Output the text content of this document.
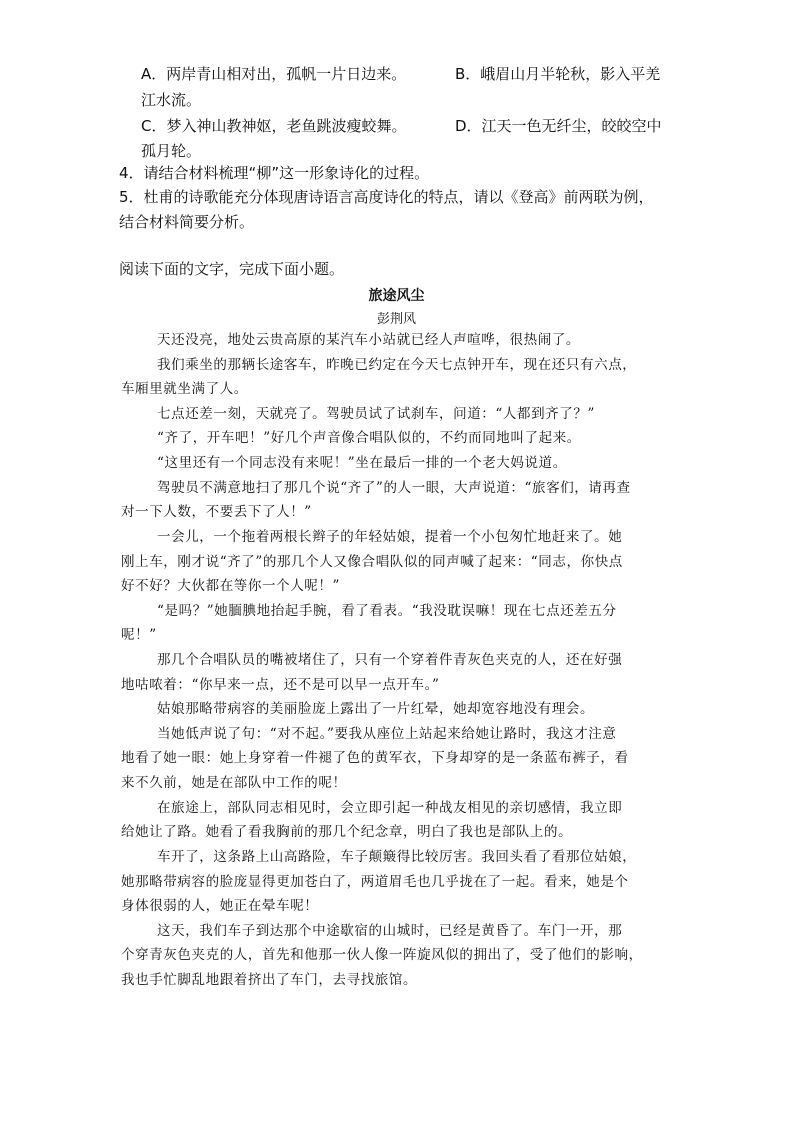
A．两岸青山相对出，孤帆一片日边来。	B．峨眉山月半轮秋，影入平羌
江水流。
C．梦入神山教神妪，老鱼跳波瘦蛟舞。	D．江天一色无纤尘，皎皎空中
孤月轮。
4．请结合材料梳理“柳”这一形象诗化的过程。
5．杜甫的诗歌能充分体现唐诗语言高度诗化的特点，请以《登高》前两联为例，
结合材料简要分析。
阅读下面的文字，完成下面小题。
旅途风尘
彭荆风
天还没亮，地处云贵高原的某汽车小站就已经人声喧哗，很热闹了。
我们乘坐的那辆长途客车，昨晚已约定在今天七点钟开车，现在还只有六点，
车厢里就坐满了人。
七点还差一刻，天就亮了。驾驶员试了试刹车，问道：“人都到齐了？”
“齐了，开车吧！”好几个声音像合唱队似的，不约而同地叫了起来。
“这里还有一个同志没有来呢！”坐在最后一排的一个老大妈说道。
驾驶员不满意地扫了那几个说“齐了”的人一眼，大声说道：“旅客们，请再查
对一下人数，不要丢下了人！”
一会儿，一个拖着两根长辫子的年轻姑娘，提着一个小包匆忙地赶来了。她
刚上车，刚才说“齐了”的那几个人又像合唱队似的同声喊了起来：“同志，你快点
好不好？大伙都在等你一个人呢！”
“是吗？”她腼腆地抬起手腕，看了看表。“我没耽误嘛！现在七点还差五分
呢！”
那几个合唱队员的嘴被堵住了，只有一个穿着件青灰色夹克的人，还在好强
地咕哝着：“你早来一点，还不是可以早一点开车。”
姑娘那略带病容的美丽脸庞上露出了一片红晕，她却宽容地没有理会。
当她低声说了句：“对不起。”要我从座位上站起来给她让路时，我这才注意
地看了她一眼：她上身穿着一件褪了色的黄军衣，下身却穿的是一条蓝布裤子，看
来不久前，她是在部队中工作的呢！
在旅途上，部队同志相见时，会立即引起一种战友相见的亲切感情，我立即
给她让了路。她看了看我胸前的那几个纪念章，明白了我也是部队上的。
车开了，这条路上山高路险，车子颠簸得比较厉害。我回头看了看那位姑娘，
她那略带病容的脸庞显得更加苍白了，两道眉毛也几乎拢在了一起。看来，她是个
身体很弱的人，她正在晕车呢！
这天，我们车子到达那个中途歇宿的山城时，已经是黄昏了。车门一开，那
个穿青灰色夹克的人，首先和他那一伙人像一阵旋风似的拥出了，受了他们的影响，
我也手忙脚乱地跟着挤出了车门，去寻找旅馆。
